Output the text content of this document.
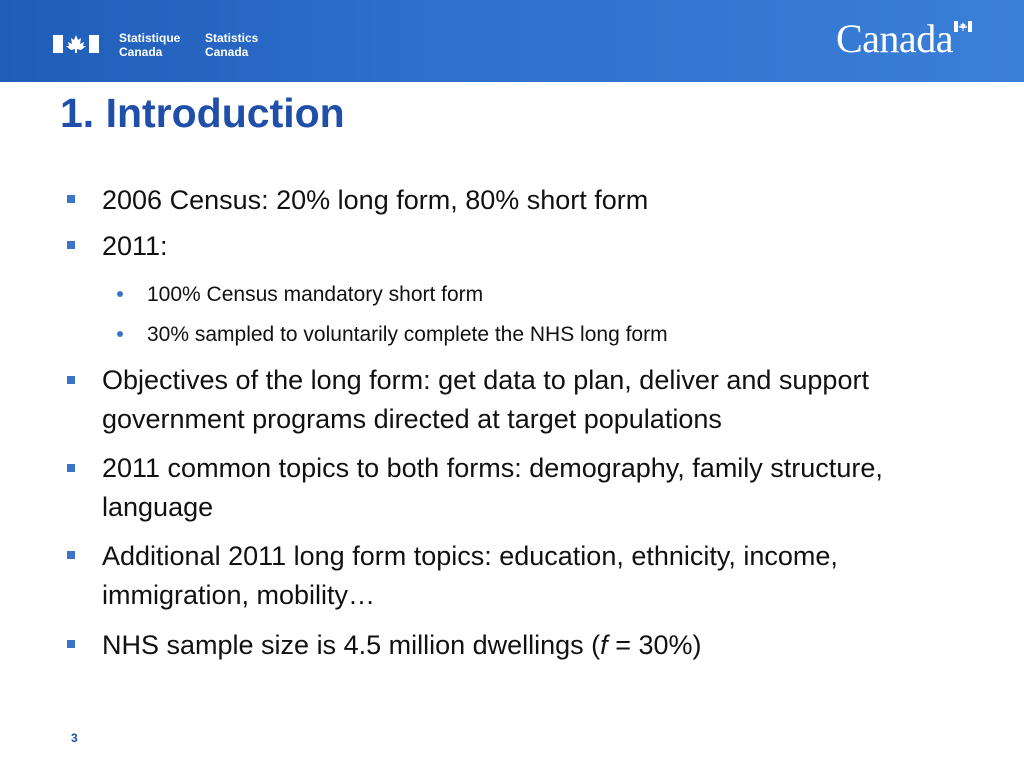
Statistique
Canada
Statistics
Canada	Canada
1. Introduction
2006 Census: 20% long form, 80% short form
2011:
100% Census mandatory short form
30% sampled to voluntarily complete the NHS long form
Objectives of the long form: get data to plan, deliver and support government programs directed at target populations
2011 common topics to both forms: demography, family structure, language
Additional 2011 long form topics: education, ethnicity, income, immigration, mobility…
NHS sample size is 4.5 million dwellings (f = 30%)
3
